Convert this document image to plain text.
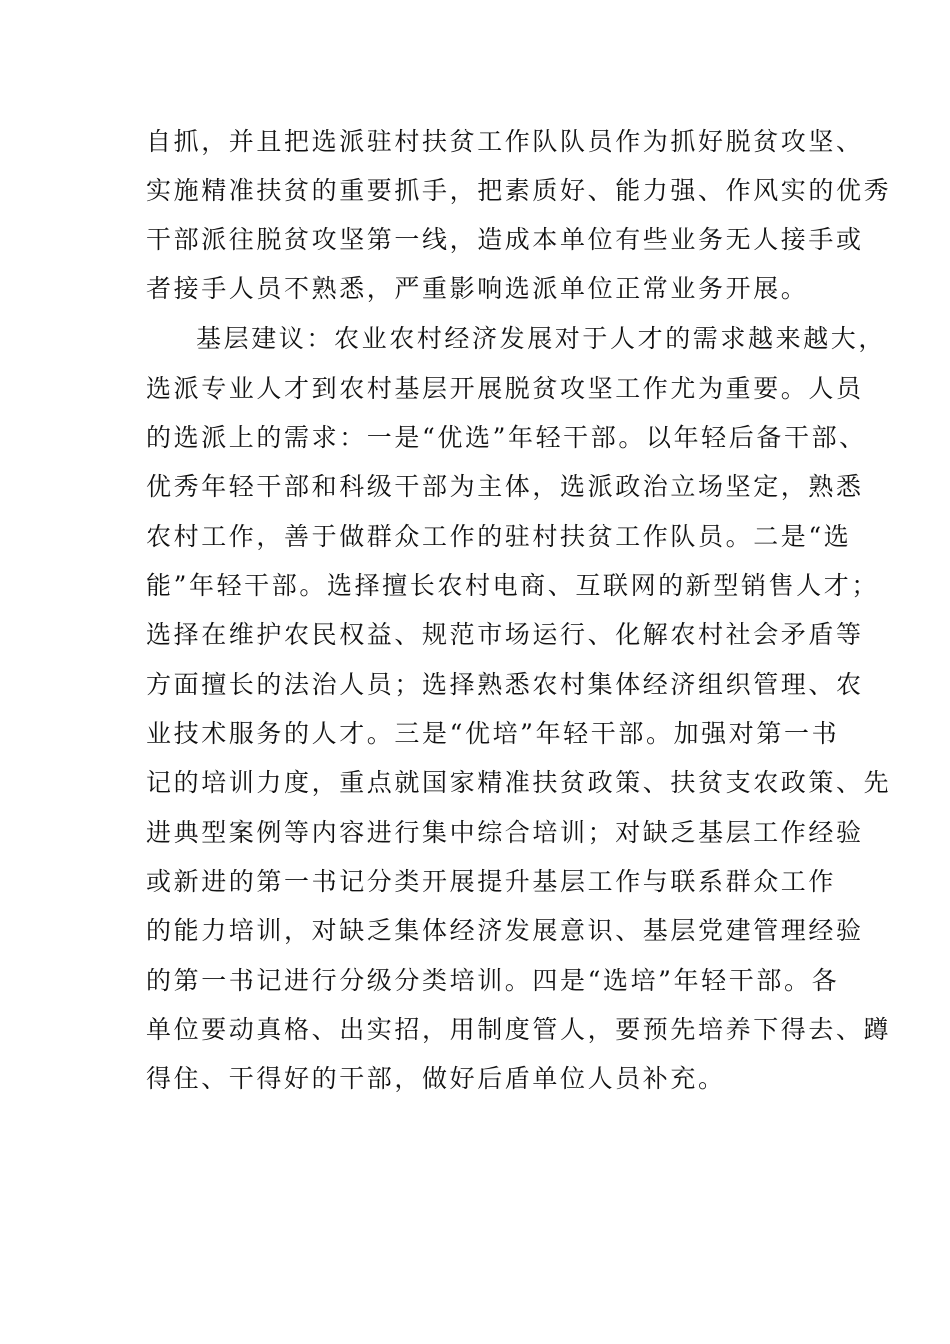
自抓，并且把选派驻村扶贫工作队队员作为抓好脱贫攻坚、
实施精准扶贫的重要抓手，把素质好、能力强、作风实的优秀
干部派往脱贫攻坚第一线，造成本单位有些业务无人接手或
者接手人员不熟悉，严重影响选派单位正常业务开展。
基层建议：农业农村经济发展对于人才的需求越来越大，
选派专业人才到农村基层开展脱贫攻坚工作尤为重要。人员
的选派上的需求：一是“优选”年轻干部。以年轻后备干部、
优秀年轻干部和科级干部为主体，选派政治立场坚定，熟悉
农村工作，善于做群众工作的驻村扶贫工作队员。二是“选
能”年轻干部。选择擅长农村电商、互联网的新型销售人才；
选择在维护农民权益、规范市场运行、化解农村社会矛盾等
方面擅长的法治人员；选择熟悉农村集体经济组织管理、农
业技术服务的人才。三是“优培”年轻干部。加强对第一书
记的培训力度，重点就国家精准扶贫政策、扶贫支农政策、先
进典型案例等内容进行集中综合培训；对缺乏基层工作经验
或新进的第一书记分类开展提升基层工作与联系群众工作
的能力培训，对缺乏集体经济发展意识、基层党建管理经验
的第一书记进行分级分类培训。四是“选培”年轻干部。各
单位要动真格、出实招，用制度管人，要预先培养下得去、蹲
得住、干得好的干部，做好后盾单位人员补充。
